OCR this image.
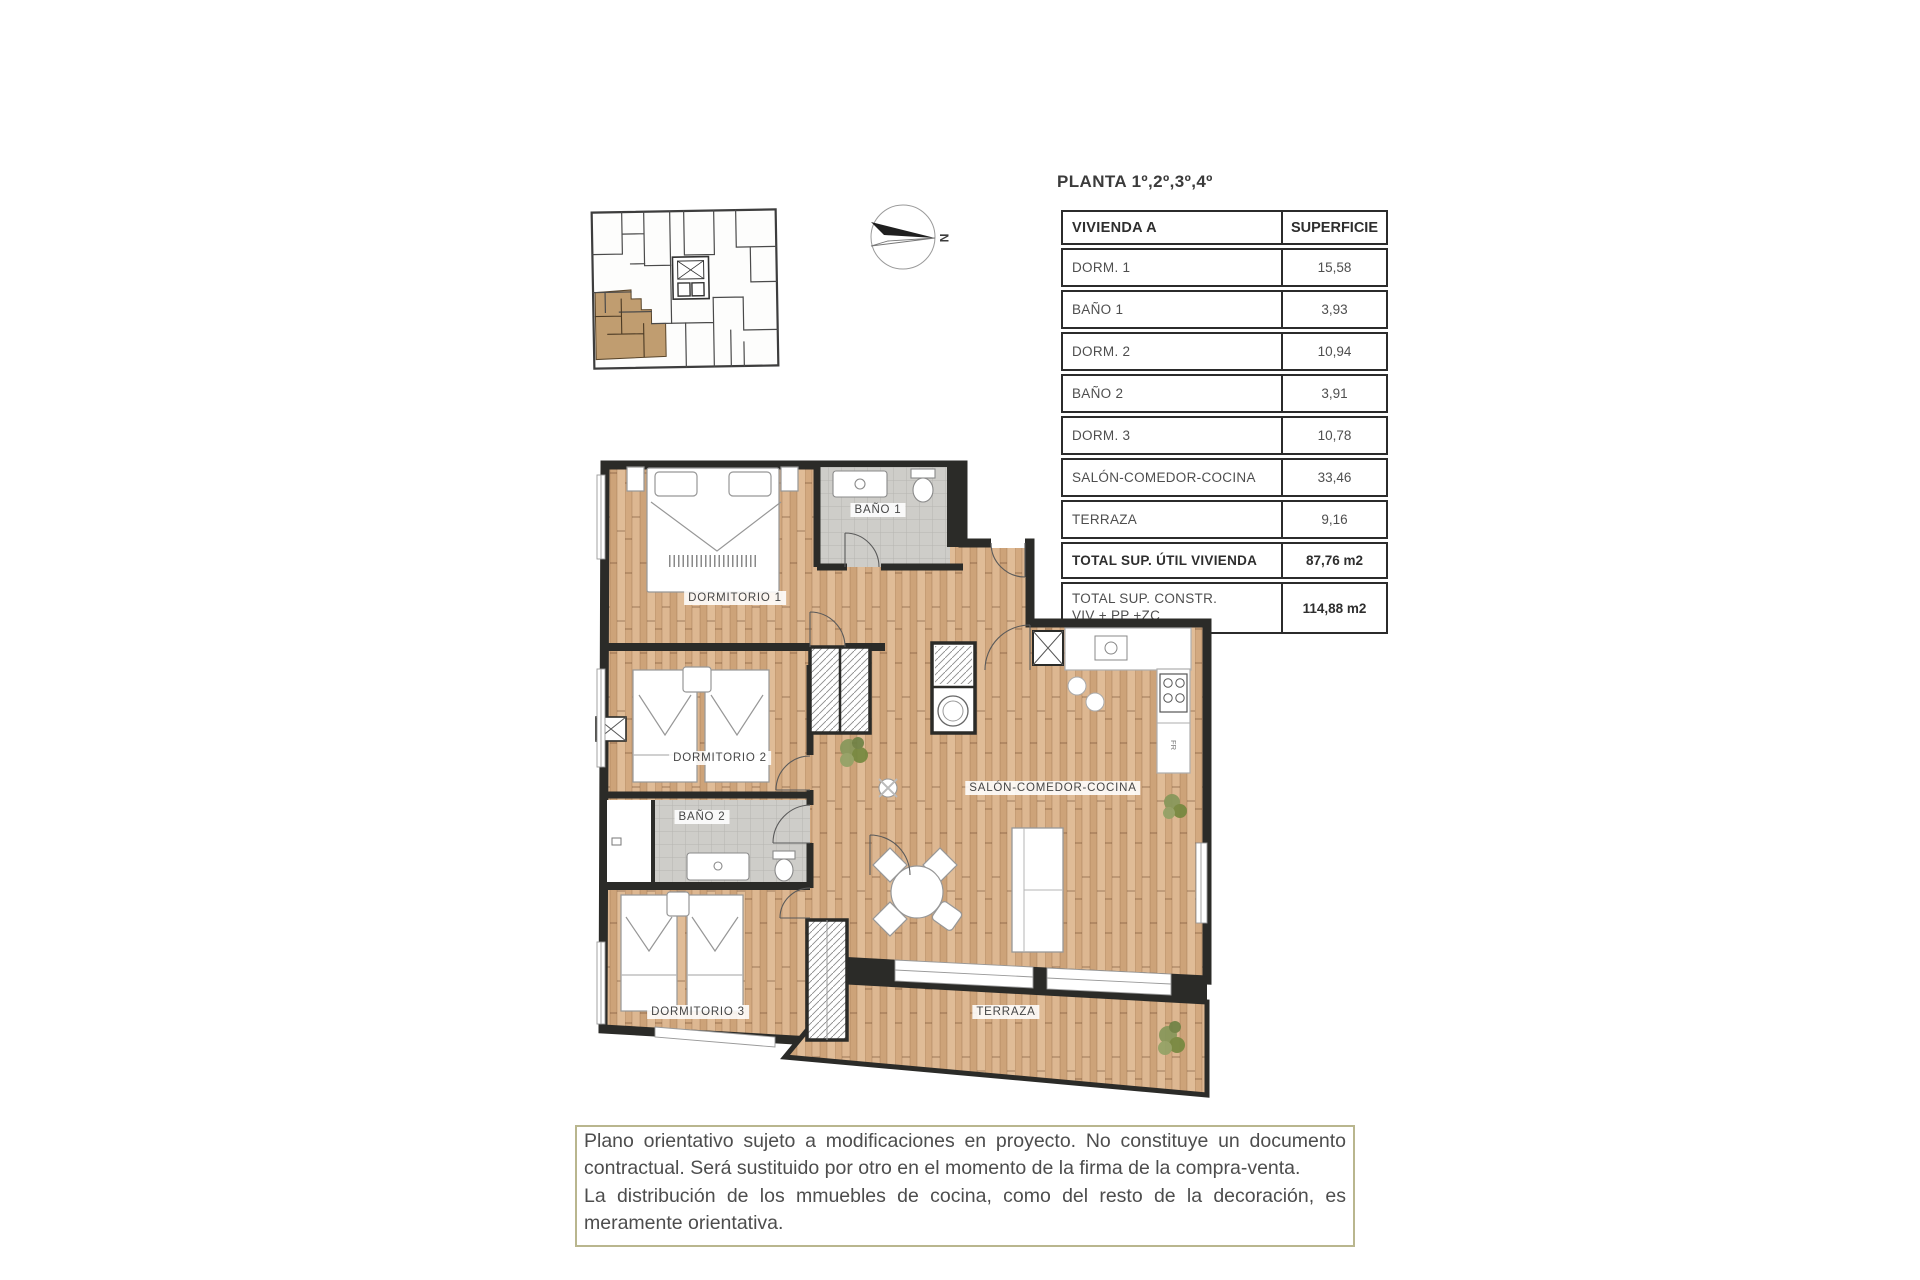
N
PLANTA 1º,2º,3º,4º
VIVIENDA A	SUPERFICIE
DORM. 1	15,58
BAÑO 1	3,93
DORM. 2	10,94
BAÑO 2	3,91
DORM. 3	10,78
SALÓN-COMEDOR-COCINA	33,46
TERRAZA	9,16
TOTAL SUP. ÚTIL VIVIENDA	87,76 m2
TOTAL SUP. CONSTR.
VIV + PP +ZC	114,88 m2
FR
DORMITORIO 1
BAÑO 1
DORMITORIO 2
BAÑO 2
DORMITORIO 3
SALÓN-COMEDOR-COCINA
TERRAZA

Plano orientativo sujeto a modificaciones en proyecto. No constituye un documento contractual. Será sustituido por otro en el momento de la firma de la compra-venta.

La distribución de los mmuebles de cocina, como del resto de la decoración, es meramente orientativa.
